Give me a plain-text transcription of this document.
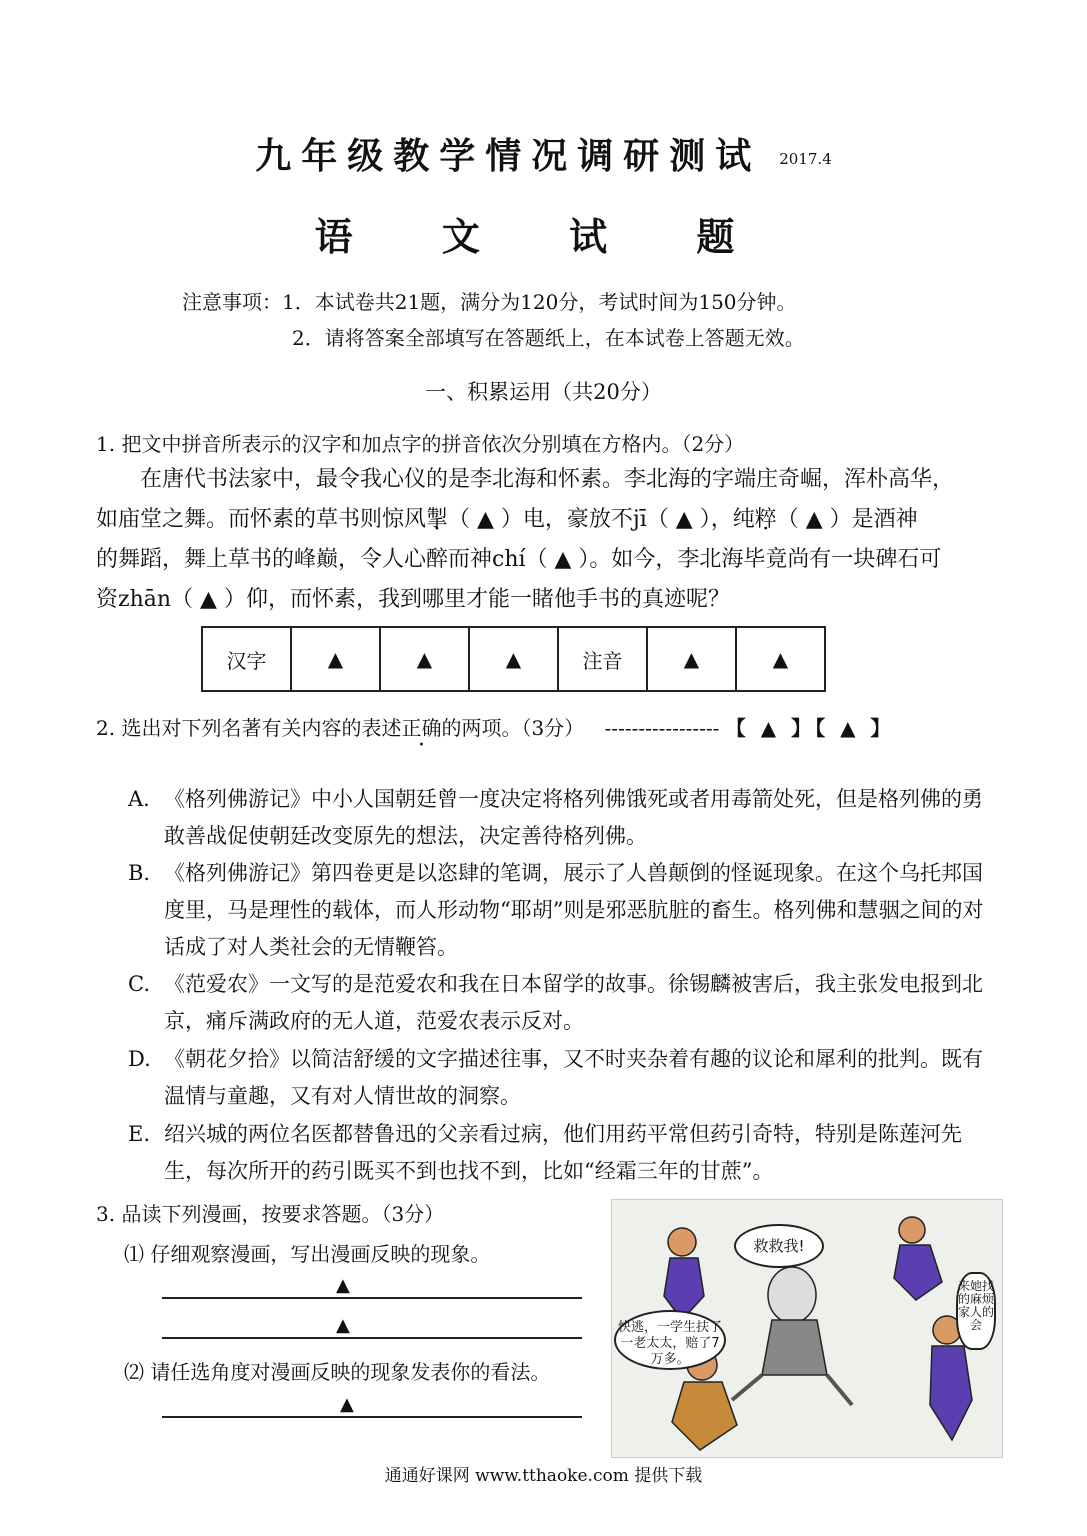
九年级教学情况调研测试 2017.4
语 文 试 题
注意事项：1．本试卷共21题，满分为120分，考试时间为150分钟。
2．请将答案全部填写在答题纸上，在本试卷上答题无效。
一、积累运用（共20分）
1. 把文中拼音所表示的汉字和加点字的拼音依次分别填在方格内。（2分）
在唐代书法家中，最令我心仪的是李北海和怀素。李北海的字端庄奇崛，浑朴高华，
如庙堂之舞。而怀素的草书则惊风掣（ ▲ ）电，豪放不jī（ ▲ ），纯粹（ ▲ ）是酒神
的舞蹈，舞上草书的峰巅，令人心醉而神chí（ ▲ ）。如今，李北海毕竟尚有一块碑石可
资zhān（ ▲ ）仰，而怀素，我到哪里才能一睹他手书的真迹呢？
汉字	▲	▲	▲	注音	▲	▲
2. 选出对下列名著有关内容的表述正确的两项。（3分） ----------------- 【 ▲ 】【 ▲ 】
A. 《格列佛游记》中小人国朝廷曾一度决定将格列佛饿死或者用毒箭处死，但是格列佛的勇敢善战促使朝廷改变原先的想法，决定善待格列佛。
B. 《格列佛游记》第四卷更是以恣肆的笔调，展示了人兽颠倒的怪诞现象。在这个乌托邦国度里，马是理性的载体，而人形动物“耶胡”则是邪恶肮脏的畜生。格列佛和慧骃之间的对话成了对人类社会的无情鞭笞。
C. 《范爱农》一文写的是范爱农和我在日本留学的故事。徐锡麟被害后，我主张发电报到北京，痛斥满政府的无人道，范爱农表示反对。
D. 《朝花夕拾》以简洁舒缓的文字描述往事，又不时夹杂着有趣的议论和犀利的批判。既有温情与童趣，又有对人情世故的洞察。
E. 绍兴城的两位名医都替鲁迅的父亲看过病，他们用药平常但药引奇特，特别是陈莲河先生，每次所开的药引既买不到也找不到，比如“经霜三年的甘蔗”。
3. 品读下列漫画，按要求答题。（3分）
⑴ 仔细观察漫画，写出漫画反映的现象。
▲
▲
⑵ 请任选角度对漫画反映的现象发表你的看法。
▲
救救我!
快逃，一学生扶了一老太太，赔了7万多。
来她找的麻烦家人的会
通通好课网 www.tthaoke.com 提供下载
